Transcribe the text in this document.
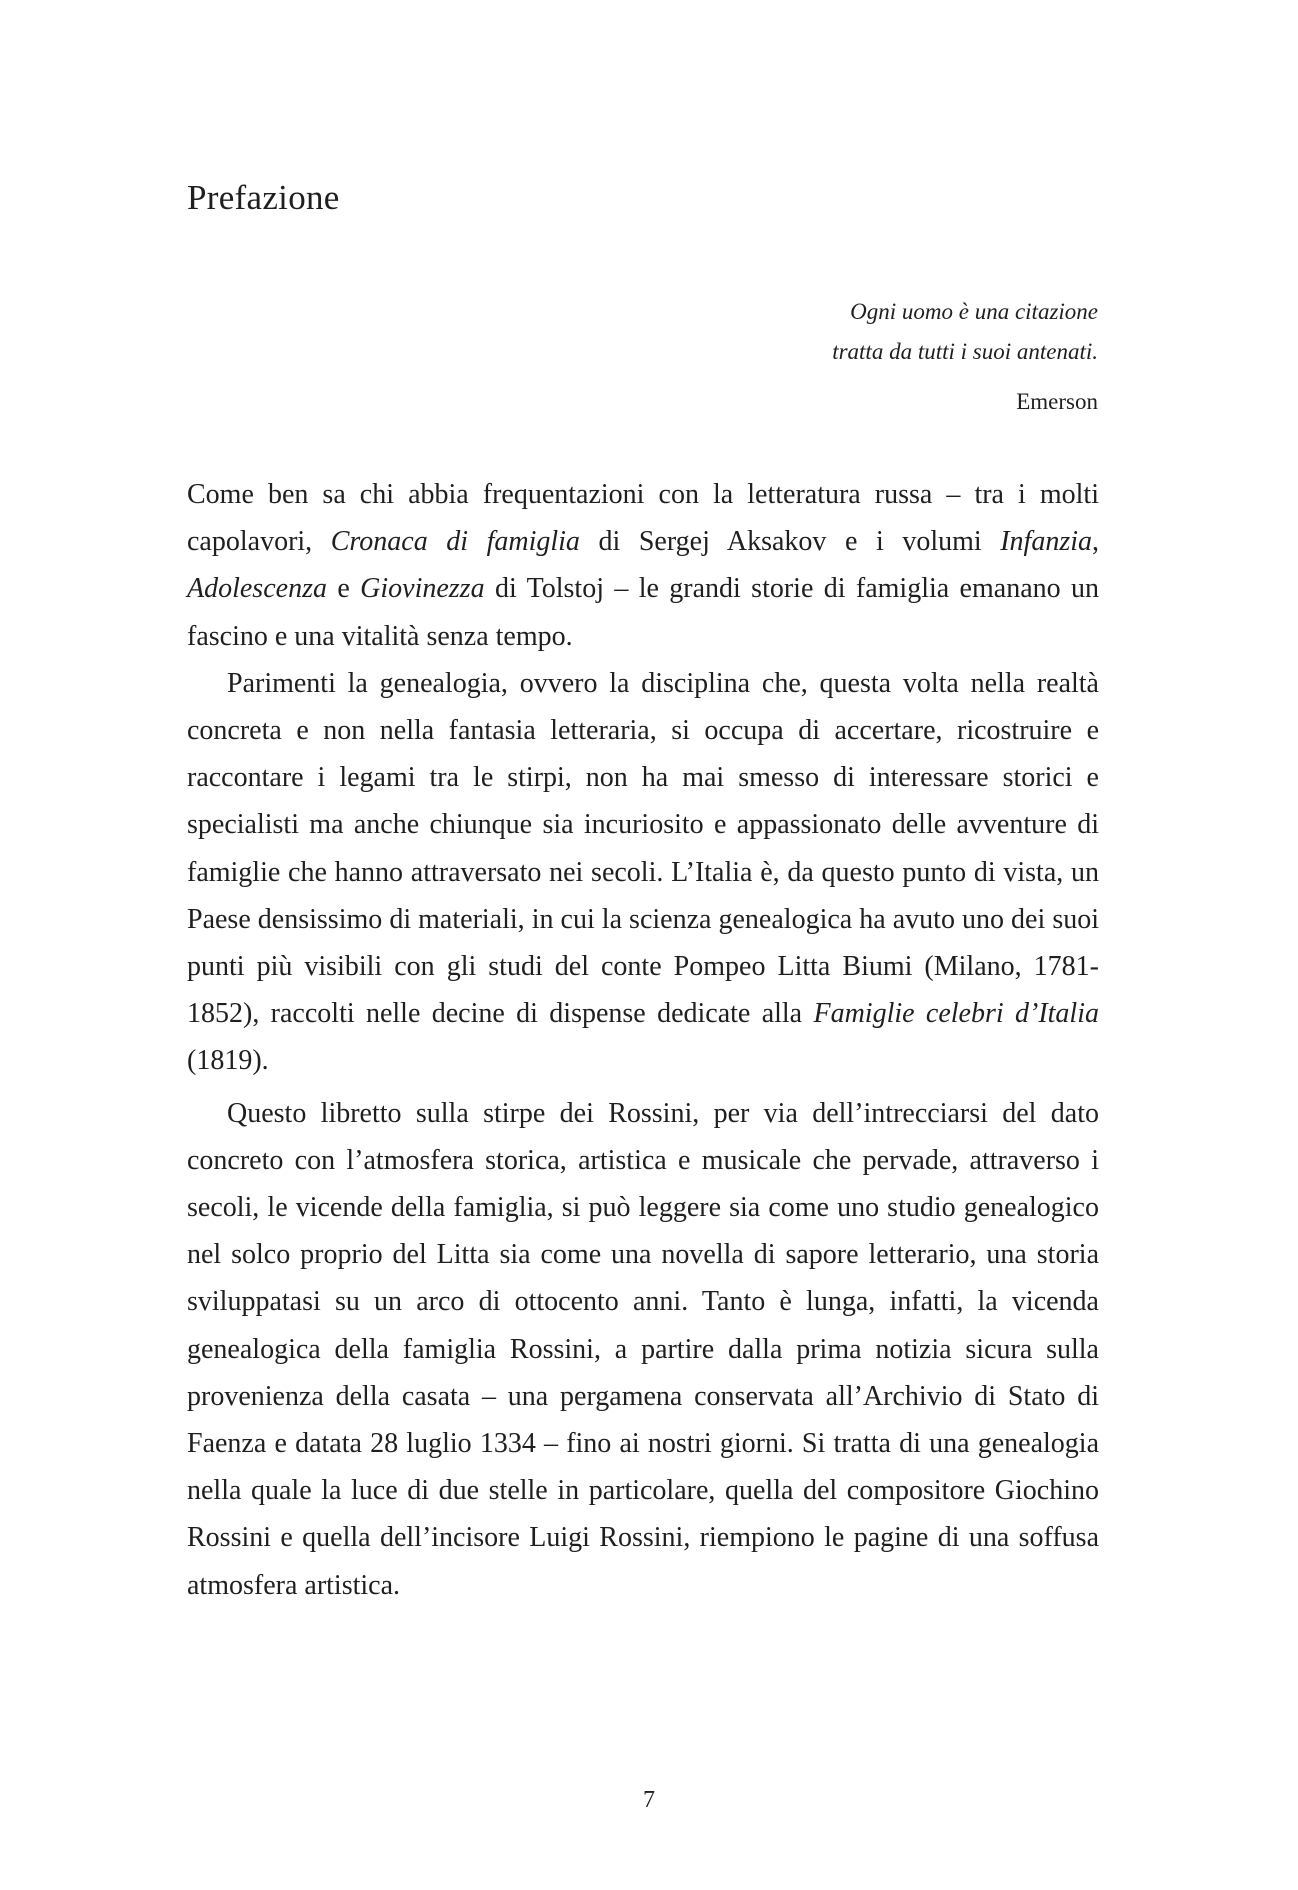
Prefazione
Ogni uomo è una citazione
tratta da tutti i suoi antenati.
Emerson

Come ben sa chi abbia frequentazioni con la letteratura russa – tra i molti capolavori, Cronaca di famiglia di Sergej Aksakov e i volumi Infanzia, Adolescenza e Giovinezza di Tolstoj – le grandi storie di famiglia emanano un fascino e una vitalità senza tempo.

Parimenti la genealogia, ovvero la disciplina che, questa volta nella realtà concreta e non nella fantasia letteraria, si occupa di accertare, ricostruire e raccontare i legami tra le stirpi, non ha mai smesso di interessare storici e specialisti ma anche chiunque sia incuriosito e appassionato delle avventure di famiglie che hanno attraversato nei secoli. L’Italia è, da questo punto di vista, un Paese densissimo di materiali, in cui la scienza genealogica ha avuto uno dei suoi punti più visibili con gli studi del conte Pompeo Litta Biumi (Milano, 1781-1852), raccolti nelle decine di dispense dedicate alla Famiglie celebri d’Italia (1819).

Questo libretto sulla stirpe dei Rossini, per via dell’intrecciarsi del dato concreto con l’atmosfera storica, artistica e musicale che pervade, attraverso i secoli, le vicende della famiglia, si può leggere sia come uno studio genealogico nel solco proprio del Litta sia come una novella di sapore letterario, una storia sviluppatasi su un arco di ottocento anni. Tanto è lunga, infatti, la vicenda genealogica della famiglia Rossini, a partire dalla prima notizia sicura sulla provenienza della casata – una pergamena conservata all’Archivio di Stato di Faenza e datata 28 luglio 1334 – fino ai nostri giorni. Si tratta di una genealogia nella quale la luce di due stelle in particolare, quella del compositore Giochino Rossini e quella dell’incisore Luigi Rossini, riempiono le pagine di una soffusa atmosfera artistica.

7
